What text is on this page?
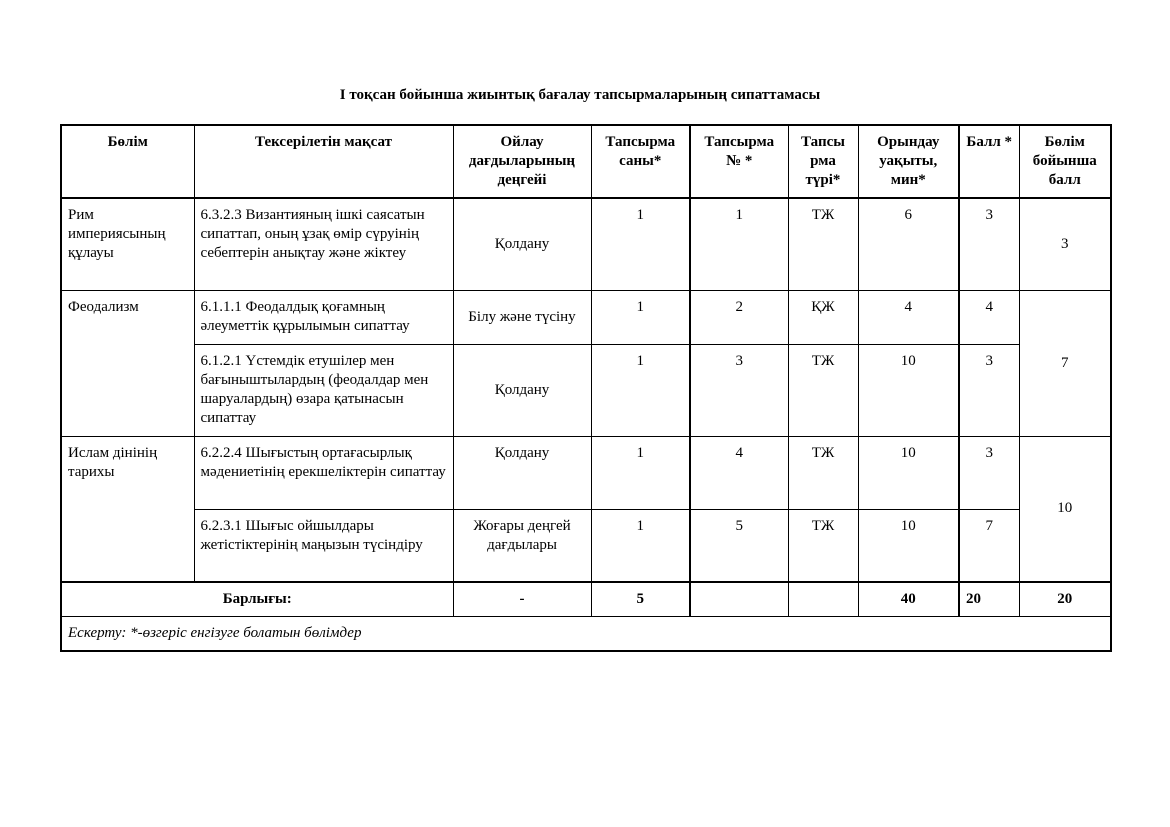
I тоқсан бойынша жиынтық бағалау тапсырмаларының сипаттамасы
Бөлім	Тексерілетін мақсат	Ойлау дағдыларының деңгейі	Тапсырма саны*	Тапсырма № *	Тапсы рма түрі*	Орындау уақыты, мин*	Балл *	Бөлім бойынша балл
Рим империясының құлауы	6.3.2.3 Византияның ішкі саясатын сипаттап, оның ұзақ өмір сүруінің себептерін анықтау және жіктеу	Қолдану	1	1	ТЖ	6	3	3
Феодализм	6.1.1.1 Феодалдық қоғамның әлеуметтік құрылымын сипаттау	Білу және түсіну	1	2	ҚЖ	4	4	7
	6.1.2.1 Үстемдік етушілер мен бағыныштылардың (феодалдар мен шаруалардың) өзара қатынасын сипаттау	Қолдану	1	3	ТЖ	10	3	
Ислам дінінің тарихы	6.2.2.4 Шығыстың ортағасырлық мәдениетінің ерекшеліктерін сипаттау	Қолдану	1	4	ТЖ	10	3	10
	6.2.3.1 Шығыс ойшылдары жетістіктерінің маңызын түсіндіру	Жоғары деңгей дағдылары	1	5	ТЖ	10	7	
Барлығы:		-	5			40	20	20
Ескерту: *-өзгеріс енгізуге болатын бөлімдер								
